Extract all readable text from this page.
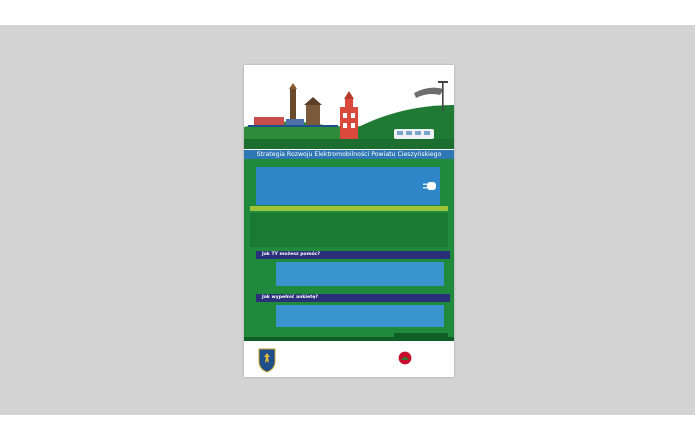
Strategia Rozwoju Elektromobilności Powiatu Cieszyńskiego
Jak TY możesz pomóc?
Jak wypełnić ankietę?
